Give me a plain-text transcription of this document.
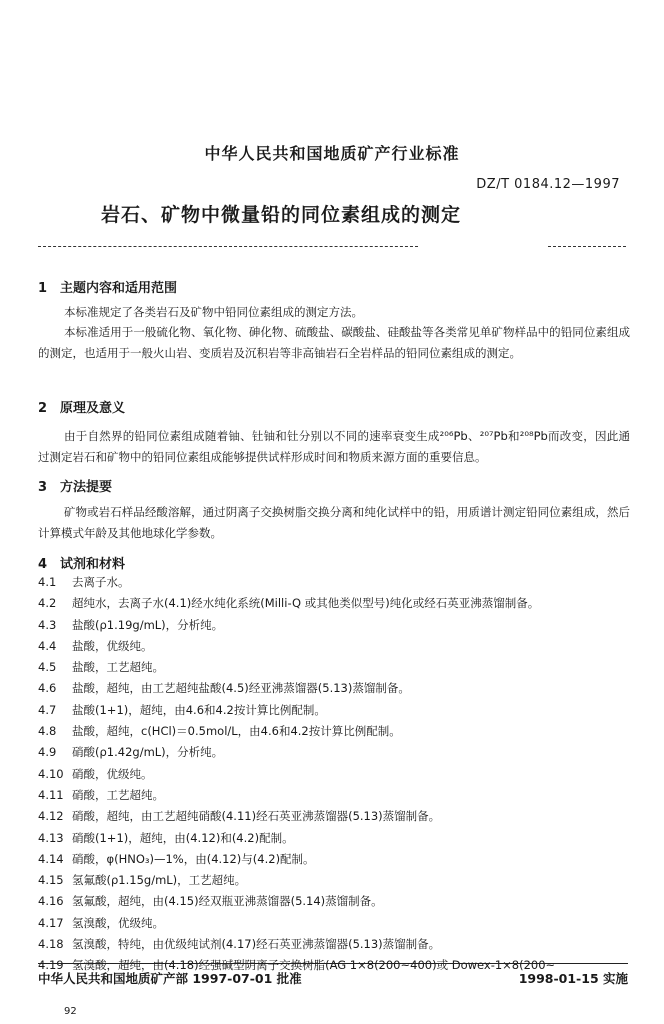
中华人民共和国地质矿产行业标准
DZ/T 0184.12—1997
岩石、矿物中微量铅的同位素组成的测定
1 主题内容和适用范围
本标准规定了各类岩石及矿物中铅同位素组成的测定方法。
本标准适用于一般硫化物、氧化物、砷化物、硫酸盐、碳酸盐、硅酸盐等各类常见单矿物样品中的铅同位素组成的测定，也适用于一般火山岩、变质岩及沉积岩等非高铀岩石全岩样品的铅同位素组成的测定。
2 原理及意义
由于自然界的铅同位素组成随着铀、钍铀和钍分别以不同的速率衰变生成²⁰⁶Pb、²⁰⁷Pb和²⁰⁸Pb而改变，因此通过测定岩石和矿物中的铅同位素组成能够提供试样形成时间和物质来源方面的重要信息。
3 方法提要
矿物或岩石样品经酸溶解，通过阴离子交换树脂交换分离和纯化试样中的铅，用质谱计测定铅同位素组成，然后计算模式年龄及其他地球化学参数。
4 试剂和材料
4.1 去离子水。
4.2 超纯水，去离子水(4.1)经水纯化系统(Milli-Q 或其他类似型号)纯化或经石英亚沸蒸馏制备。
4.3 盐酸(ρ1.19g/mL)，分析纯。
4.4 盐酸，优级纯。
4.5 盐酸，工艺超纯。
4.6 盐酸，超纯，由工艺超纯盐酸(4.5)经亚沸蒸馏器(5.13)蒸馏制备。
4.7 盐酸(1+1)，超纯，由4.6和4.2按计算比例配制。
4.8 盐酸，超纯，c(HCl)＝0.5mol/L，由4.6和4.2按计算比例配制。
4.9 硝酸(ρ1.42g/mL)，分析纯。
4.10 硝酸，优级纯。
4.11 硝酸，工艺超纯。
4.12 硝酸，超纯，由工艺超纯硝酸(4.11)经石英亚沸蒸馏器(5.13)蒸馏制备。
4.13 硝酸(1+1)，超纯，由(4.12)和(4.2)配制。
4.14 硝酸，φ(HNO₃)—1%，由(4.12)与(4.2)配制。
4.15 氢氟酸(ρ1.15g/mL)，工艺超纯。
4.16 氢氟酸，超纯，由(4.15)经双瓶亚沸蒸馏器(5.14)蒸馏制备。
4.17 氢溴酸，优级纯。
4.18 氢溴酸，特纯，由优级纯试剂(4.17)经石英亚沸蒸馏器(5.13)蒸馏制备。
4.19 氢溴酸，超纯，由(4.18)经强碱型阴离子交换树脂(AG 1×8(200~400)或 Dowex-1×8(200~
中华人民共和国地质矿产部 1997-07-01 批准	1998-01-15 实施
92
